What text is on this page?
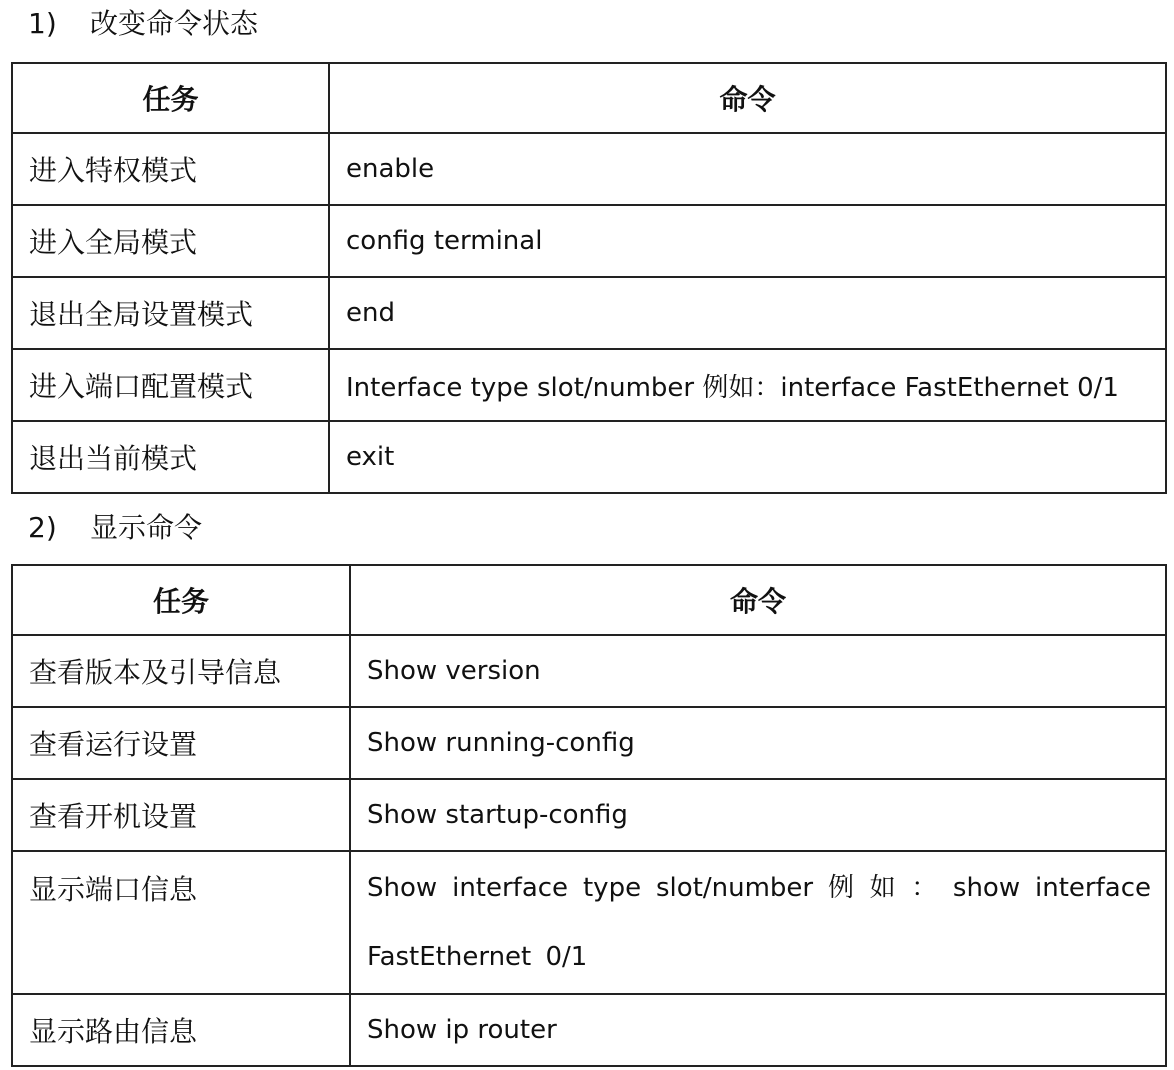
1) 改变命令状态
任务	命令
进入特权模式	enable
进入全局模式	config terminal
退出全局设置模式	end
进入端口配置模式	Interface type slot/number 例如：interface FastEthernet 0/1
退出当前模式	exit
2) 显示命令
任务	命令
查看版本及引导信息	Show version
查看运行设置	Show running-config
查看开机设置	Show startup-config
显示端口信息	Show interface type slot/number 例 如 ： show interface FastEthernet 0/1
显示路由信息	Show ip router
